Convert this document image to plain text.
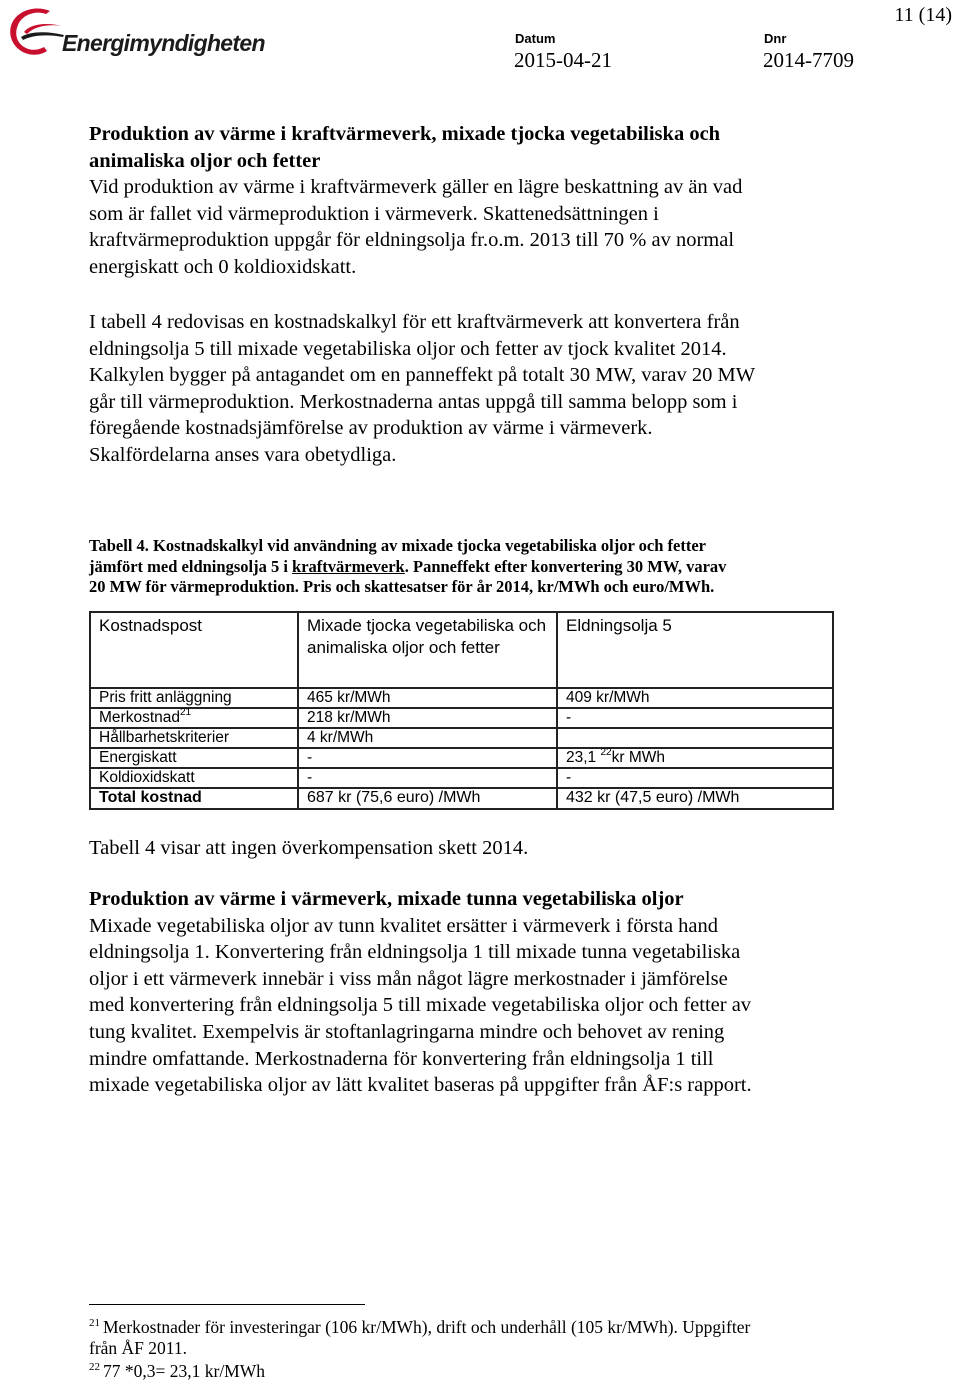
Energimyndigheten	Datum
2015-04-21
Dnr
2014-7709
11 (14)
Produktion av värme i kraftvärmeverk, mixade tjocka vegetabiliska och
animaliska oljor och fetter
Vid produktion av värme i kraftvärmeverk gäller en lägre beskattning av än vad
som är fallet vid värmeproduktion i värmeverk. Skattenedsättningen i
kraftvärmeproduktion uppgår för eldningsolja fr.o.m. 2013 till 70 % av normal
energiskatt och 0 koldioxidskatt.
I tabell 4 redovisas en kostnadskalkyl för ett kraftvärmeverk att konvertera från
eldningsolja 5 till mixade vegetabiliska oljor och fetter av tjock kvalitet 2014.
Kalkylen bygger på antagandet om en panneffekt på totalt 30 MW, varav 20 MW
går till värmeproduktion. Merkostnaderna antas uppgå till samma belopp som i
föregående kostnadsjämförelse av produktion av värme i värmeverk.
Skalfördelarna anses vara obetydliga.
Tabell 4. Kostnadskalkyl vid användning av mixade tjocka vegetabiliska oljor och fetter
jämfört med eldningsolja 5 i kraftvärmeverk. Panneffekt efter konvertering 30 MW, varav
20 MW för värmeproduktion. Pris och skattesatser för år 2014, kr/MWh och euro/MWh.
Kostnadspost	Mixade tjocka vegetabiliska och animaliska oljor och fetter	Eldningsolja 5
Pris fritt anläggning	465 kr/MWh	409 kr/MWh
Merkostnad$^{21}$	218 kr/MWh	-
Hållbarhetskriterier	4 kr/MWh	
Energiskatt	-	23,1 $^{22}$kr MWh
Koldioxidskatt	-	-
Total kostnad	687 kr (75,6 euro) /MWh	432 kr (47,5 euro) /MWh
Tabell 4 visar att ingen överkompensation skett 2014.
Produktion av värme i värmeverk, mixade tunna vegetabiliska oljor
Mixade vegetabiliska oljor av tunn kvalitet ersätter i värmeverk i första hand
eldningsolja 1. Konvertering från eldningsolja 1 till mixade tunna vegetabiliska
oljor i ett värmeverk innebär i viss mån något lägre merkostnader i jämförelse
med konvertering från eldningsolja 5 till mixade vegetabiliska oljor och fetter av
tung kvalitet. Exempelvis är stoftanlagringarna mindre och behovet av rening
mindre omfattande. Merkostnaderna för konvertering från eldningsolja 1 till
mixade vegetabiliska oljor av lätt kvalitet baseras på uppgifter från ÅF:s rapport.
$^{21}$ Merkostnader för investeringar (106 kr/MWh), drift och underhåll (105 kr/MWh). Uppgifter
från ÅF 2011.
$^{22}$ 77 *0,3= 23,1 kr/MWh
